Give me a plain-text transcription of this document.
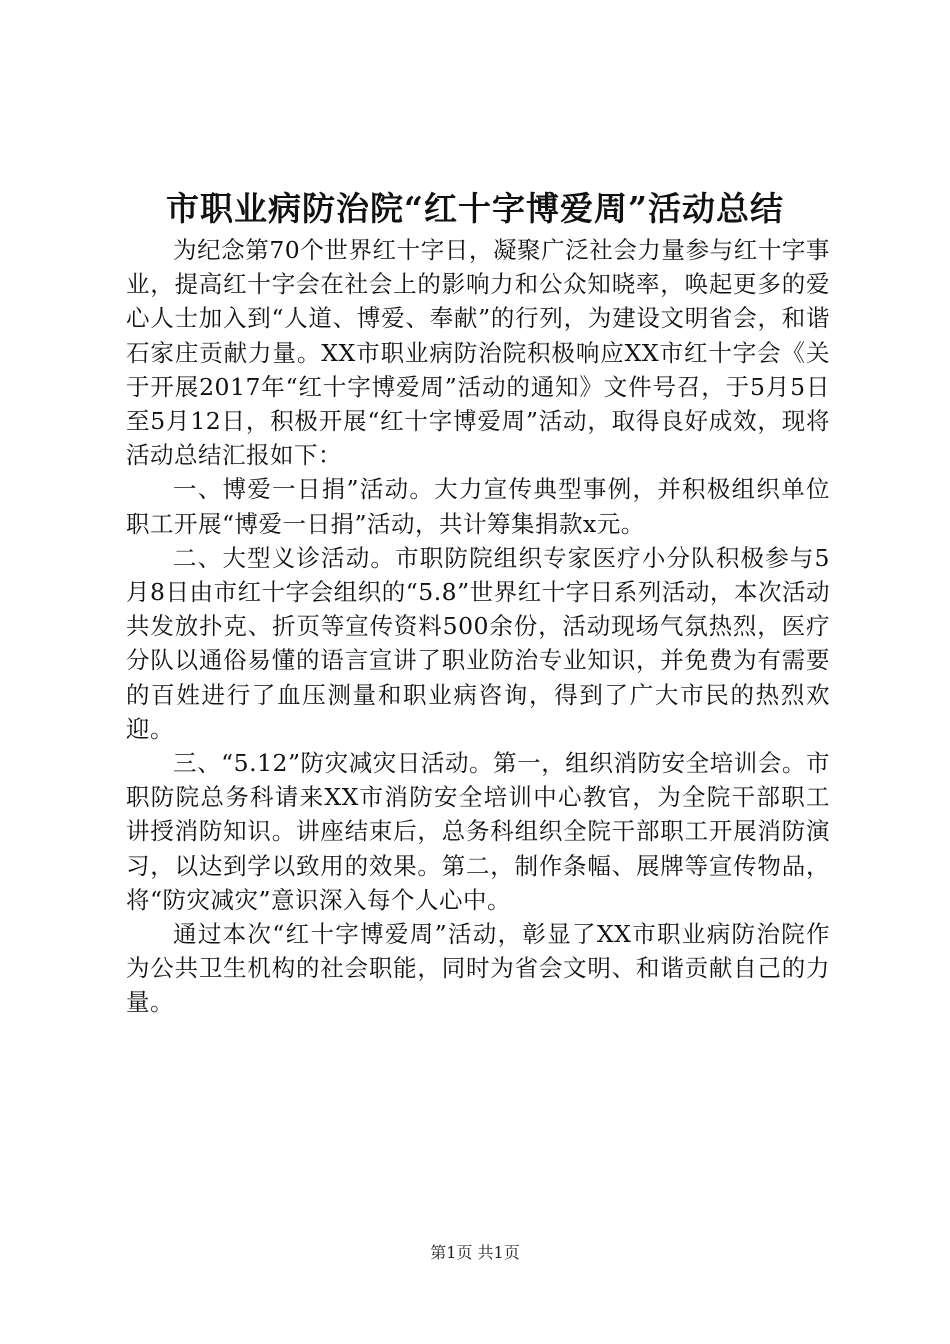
市职业病防治院“红十字博爱周”活动总结

为纪念第70个世界红十字日，凝聚广泛社会力量参与红十字事业，提高红十字会在社会上的影响力和公众知晓率，唤起更多的爱心人士加入到“人道、博爱、奉献”的行列，为建设文明省会，和谐石家庄贡献力量。XX市职业病防治院积极响应XX市红十字会《关于开展2017年“红十字博爱周”活动的通知》文件号召，于5月5日至5月12日，积极开展“红十字博爱周”活动，取得良好成效，现将活动总结汇报如下：

一、博爱一日捐”活动。大力宣传典型事例，并积极组织单位职工开展“博爱一日捐”活动，共计筹集捐款x元。

二、大型义诊活动。市职防院组织专家医疗小分队积极参与5月8日由市红十字会组织的“5.8”世界红十字日系列活动，本次活动共发放扑克、折页等宣传资料500余份，活动现场气氛热烈，医疗分队以通俗易懂的语言宣讲了职业防治专业知识，并免费为有需要的百姓进行了血压测量和职业病咨询，得到了广大市民的热烈欢迎。

三、“5.12”防灾减灾日活动。第一，组织消防安全培训会。市职防院总务科请来XX市消防安全培训中心教官，为全院干部职工讲授消防知识。讲座结束后，总务科组织全院干部职工开展消防演习，以达到学以致用的效果。第二，制作条幅、展牌等宣传物品，将“防灾减灾”意识深入每个人心中。

通过本次“红十字博爱周”活动，彰显了XX市职业病防治院作为公共卫生机构的社会职能，同时为省会文明、和谐贡献自己的力量。

第1页 共1页
